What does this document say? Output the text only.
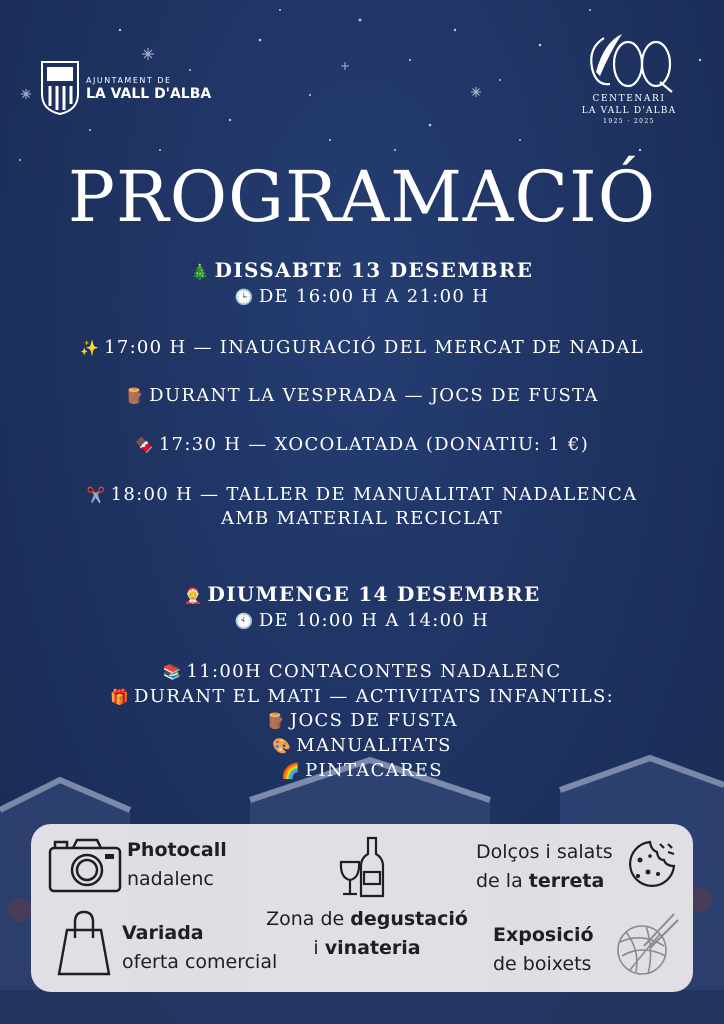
AJUNTAMENT DE
LA VALL D'ALBA	CENTENARI
LA VALL D'ALBA
1925 · 2025
PROGRAMACIÓ
🎄 DISSABTE 13 DESEMBRE
🕒 DE 16:00 H A 21:00 H
✨ 17:00 H — INAUGURACIÓ DEL MERCAT DE NADAL
🪵 DURANT LA VESPRADA — JOCS DE FUSTA
🍫 17:30 H — XOCOLATADA (DONATIU: 1 €)
✂️ 18:00 H — TALLER DE MANUALITAT NADALENCA
AMB MATERIAL RECICLAT
🤶 DIUMENGE 14 DESEMBRE
🕙 DE 10:00 H A 14:00 H
📚 11:00H CONTACONTES NADALENC
🎁 DURANT EL MATI — ACTIVITATS INFANTILS:
🪵 JOCS DE FUSTA
🎨 MANUALITATS
🌈 PINTACARES
Photocall
nadalenc
Dolços i salats
de la terreta
Variada
oferta comercial
Zona de degustació
i vinateria
Exposició
de boixets
